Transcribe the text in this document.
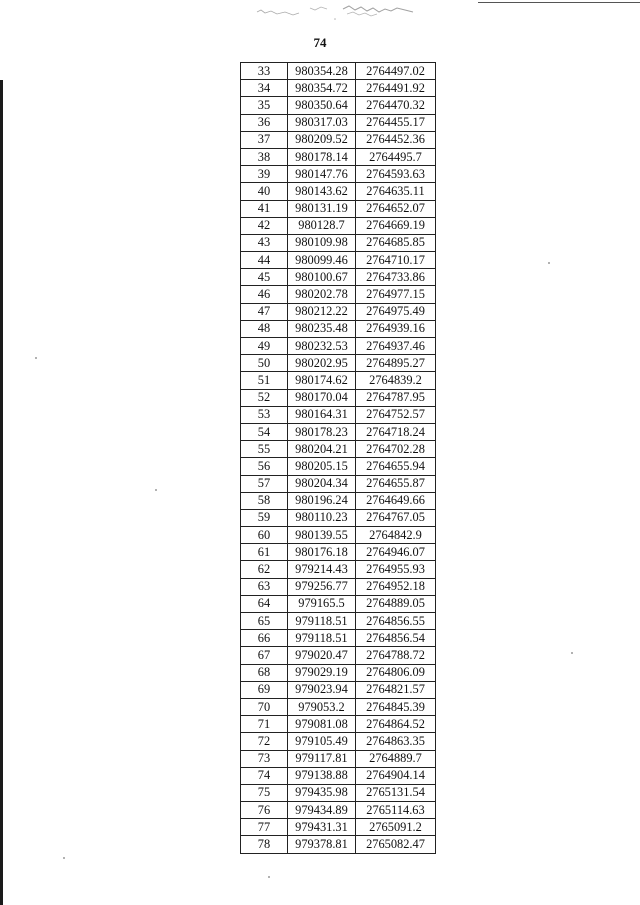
74
33	980354.28	2764497.02
34	980354.72	2764491.92
35	980350.64	2764470.32
36	980317.03	2764455.17
37	980209.52	2764452.36
38	980178.14	2764495.7
39	980147.76	2764593.63
40	980143.62	2764635.11
41	980131.19	2764652.07
42	980128.7	2764669.19
43	980109.98	2764685.85
44	980099.46	2764710.17
45	980100.67	2764733.86
46	980202.78	2764977.15
47	980212.22	2764975.49
48	980235.48	2764939.16
49	980232.53	2764937.46
50	980202.95	2764895.27
51	980174.62	2764839.2
52	980170.04	2764787.95
53	980164.31	2764752.57
54	980178.23	2764718.24
55	980204.21	2764702.28
56	980205.15	2764655.94
57	980204.34	2764655.87
58	980196.24	2764649.66
59	980110.23	2764767.05
60	980139.55	2764842.9
61	980176.18	2764946.07
62	979214.43	2764955.93
63	979256.77	2764952.18
64	979165.5	2764889.05
65	979118.51	2764856.55
66	979118.51	2764856.54
67	979020.47	2764788.72
68	979029.19	2764806.09
69	979023.94	2764821.57
70	979053.2	2764845.39
71	979081.08	2764864.52
72	979105.49	2764863.35
73	979117.81	2764889.7
74	979138.88	2764904.14
75	979435.98	2765131.54
76	979434.89	2765114.63
77	979431.31	2765091.2
78	979378.81	2765082.47
